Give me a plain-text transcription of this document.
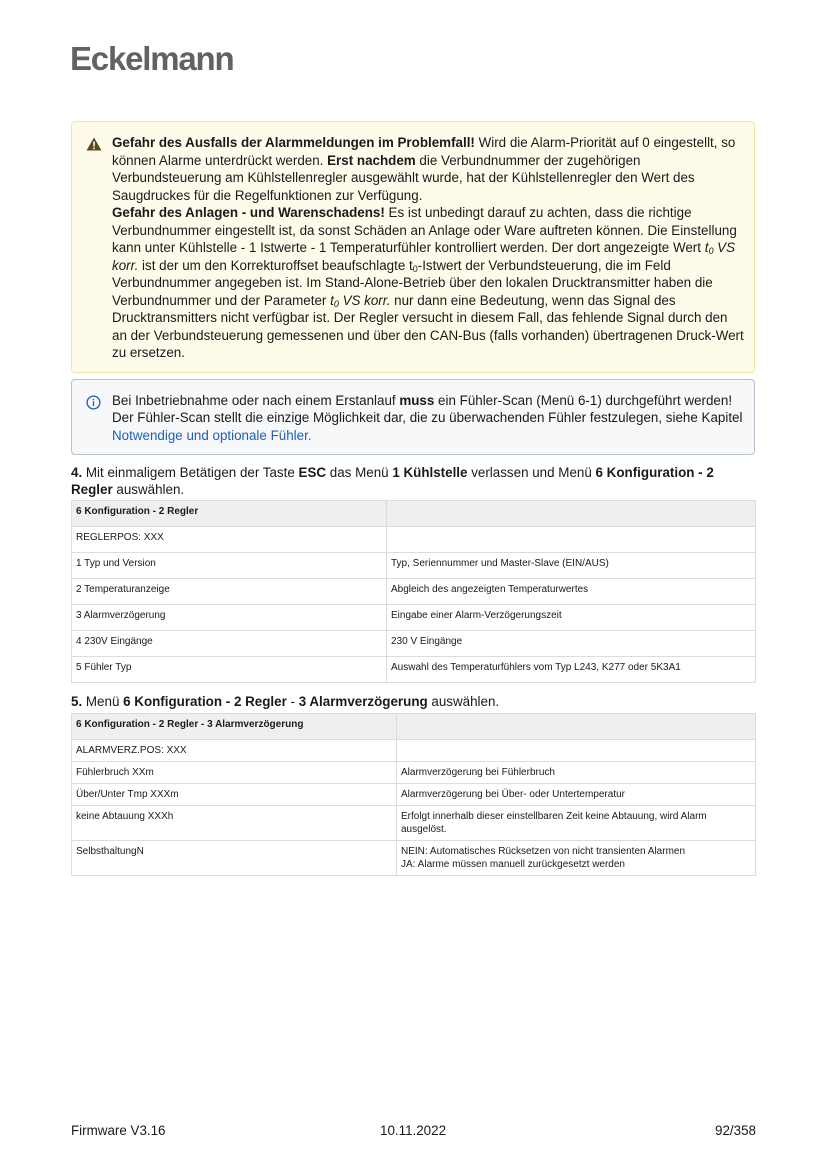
Eckelmann
Gefahr des Ausfalls der Alarmmeldungen im Problemfall! Wird die Alarm-Priorität auf 0 eingestellt, so können Alarme unterdrückt werden. Erst nachdem die Verbundnummer der zugehörigen Verbundsteuerung am Kühlstellenregler ausgewählt wurde, hat der Kühlstellenregler den Wert des Saugdruckes für die Regelfunktionen zur Verfügung.
Gefahr des Anlagen - und Warenschadens! Es ist unbedingt darauf zu achten, dass die richtige Verbundnummer eingestellt ist, da sonst Schäden an Anlage oder Ware auftreten können. Die Einstellung kann unter Kühlstelle - 1 Istwerte - 1 Temperaturfühler kontrolliert werden. Der dort angezeigte Wert $t_0$ VS korr. ist der um den Korrekturoffset beaufschlagte $t_0$-Istwert der Verbundsteuerung, die im Feld Verbundnummer angegeben ist. Im Stand-Alone-Betrieb über den lokalen Drucktransmitter haben die Verbundnummer und der Parameter $t_0$ VS korr. nur dann eine Bedeutung, wenn das Signal des Drucktransmitters nicht verfügbar ist. Der Regler versucht in diesem Fall, das fehlende Signal durch den an der Verbundsteuerung gemessenen und über den CAN-Bus (falls vorhanden) übertragenen Druck-Wert zu ersetzen.
Bei Inbetriebnahme oder nach einem Erstanlauf muss ein Fühler-Scan (Menü 6-1) durchgeführt werden! Der Fühler-Scan stellt die einzige Möglichkeit dar, die zu überwachenden Fühler festzulegen, siehe Kapitel Notwendige und optionale Fühler.
4. Mit einmaligem Betätigen der Taste ESC das Menü 1 Kühlstelle verlassen und Menü 6 Konfiguration - 2 Regler auswählen.
6 Konfiguration - 2 Regler	
REGLERPOS: XXX	
1 Typ und Version	Typ, Seriennummer und Master-Slave (EIN/AUS)
2 Temperaturanzeige	Abgleich des angezeigten Temperaturwertes
3 Alarmverzögerung	Eingabe einer Alarm-Verzögerungszeit
4 230V Eingänge	230 V Eingänge
5 Fühler Typ	Auswahl des Temperaturfühlers vom Typ L243, K277 oder 5K3A1
5. Menü 6 Konfiguration - 2 Regler - 3 Alarmverzögerung auswählen.
6 Konfiguration - 2 Regler - 3 Alarmverzögerung	
ALARMVERZ.POS: XXX	
Fühlerbruch XXm	Alarmverzögerung bei Fühlerbruch
Über/Unter Tmp XXXm	Alarmverzögerung bei Über- oder Untertemperatur
keine Abtauung XXXh	Erfolgt innerhalb dieser einstellbaren Zeit keine Abtauung, wird Alarm ausgelöst.
SelbsthaltungN	NEIN: Automatisches Rücksetzen von nicht transienten Alarmen
JA: Alarme müssen manuell zurückgesetzt werden
Firmware V3.16	10.11.2022	92/358
